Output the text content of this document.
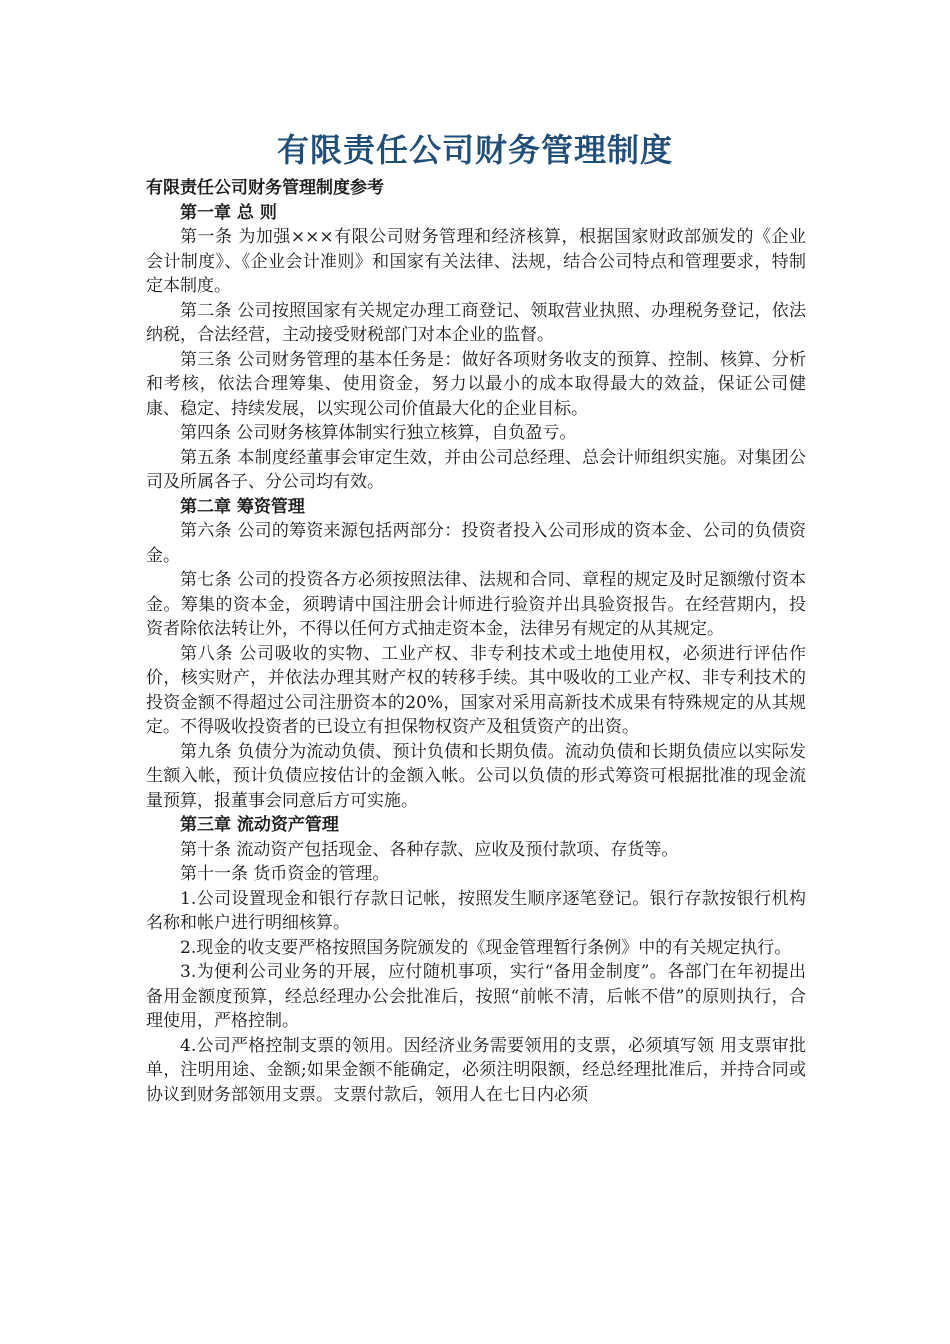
有限责任公司财务管理制度

有限责任公司财务管理制度参考

第一章 总 则

第一条 为加强×××有限公司财务管理和经济核算，根据国家财政部颁发的《企业会计制度》、《企业会计准则》和国家有关法律、法规，结合公司特点和管理要求，特制定本制度。

第二条 公司按照国家有关规定办理工商登记、领取营业执照、办理税务登记，依法纳税，合法经营，主动接受财税部门对本企业的监督。

第三条 公司财务管理的基本任务是：做好各项财务收支的预算、控制、核算、分析和考核，依法合理筹集、使用资金，努力以最小的成本取得最大的效益，保证公司健康、稳定、持续发展，以实现公司价值最大化的企业目标。

第四条 公司财务核算体制实行独立核算，自负盈亏。

第五条 本制度经董事会审定生效，并由公司总经理、总会计师组织实施。对集团公司及所属各子、分公司均有效。

第二章 筹资管理

第六条 公司的筹资来源包括两部分：投资者投入公司形成的资本金、公司的负债资金。

第七条 公司的投资各方必须按照法律、法规和合同、章程的规定及时足额缴付资本金。筹集的资本金，须聘请中国注册会计师进行验资并出具验资报告。在经营期内，投资者除依法转让外，不得以任何方式抽走资本金，法律另有规定的从其规定。

第八条 公司吸收的实物、工业产权、非专利技术或土地使用权，必须进行评估作价，核实财产，并依法办理其财产权的转移手续。其中吸收的工业产权、非专利技术的投资金额不得超过公司注册资本的20%，国家对采用高新技术成果有特殊规定的从其规定。不得吸收投资者的已设立有担保物权资产及租赁资产的出资。

第九条 负债分为流动负债、预计负债和长期负债。流动负债和长期负债应以实际发生额入帐，预计负债应按估计的金额入帐。公司以负债的形式筹资可根据批准的现金流量预算，报董事会同意后方可实施。

第三章 流动资产管理

第十条 流动资产包括现金、各种存款、应收及预付款项、存货等。

第十一条 货币资金的管理。

1.公司设置现金和银行存款日记帐，按照发生顺序逐笔登记。银行存款按银行机构名称和帐户进行明细核算。

2.现金的收支要严格按照国务院颁发的《现金管理暂行条例》中的有关规定执行。

3.为便利公司业务的开展，应付随机事项，实行“备用金制度”。各部门在年初提出备用金额度预算，经总经理办公会批准后，按照“前帐不清，后帐不借”的原则执行，合理使用，严格控制。

4.公司严格控制支票的领用。因经济业务需要领用的支票，必须填写领 用支票审批单，注明用途、金额;如果金额不能确定，必须注明限额，经总经理批准后，并持合同或协议到财务部领用支票。支票付款后，领用人在七日内必须
